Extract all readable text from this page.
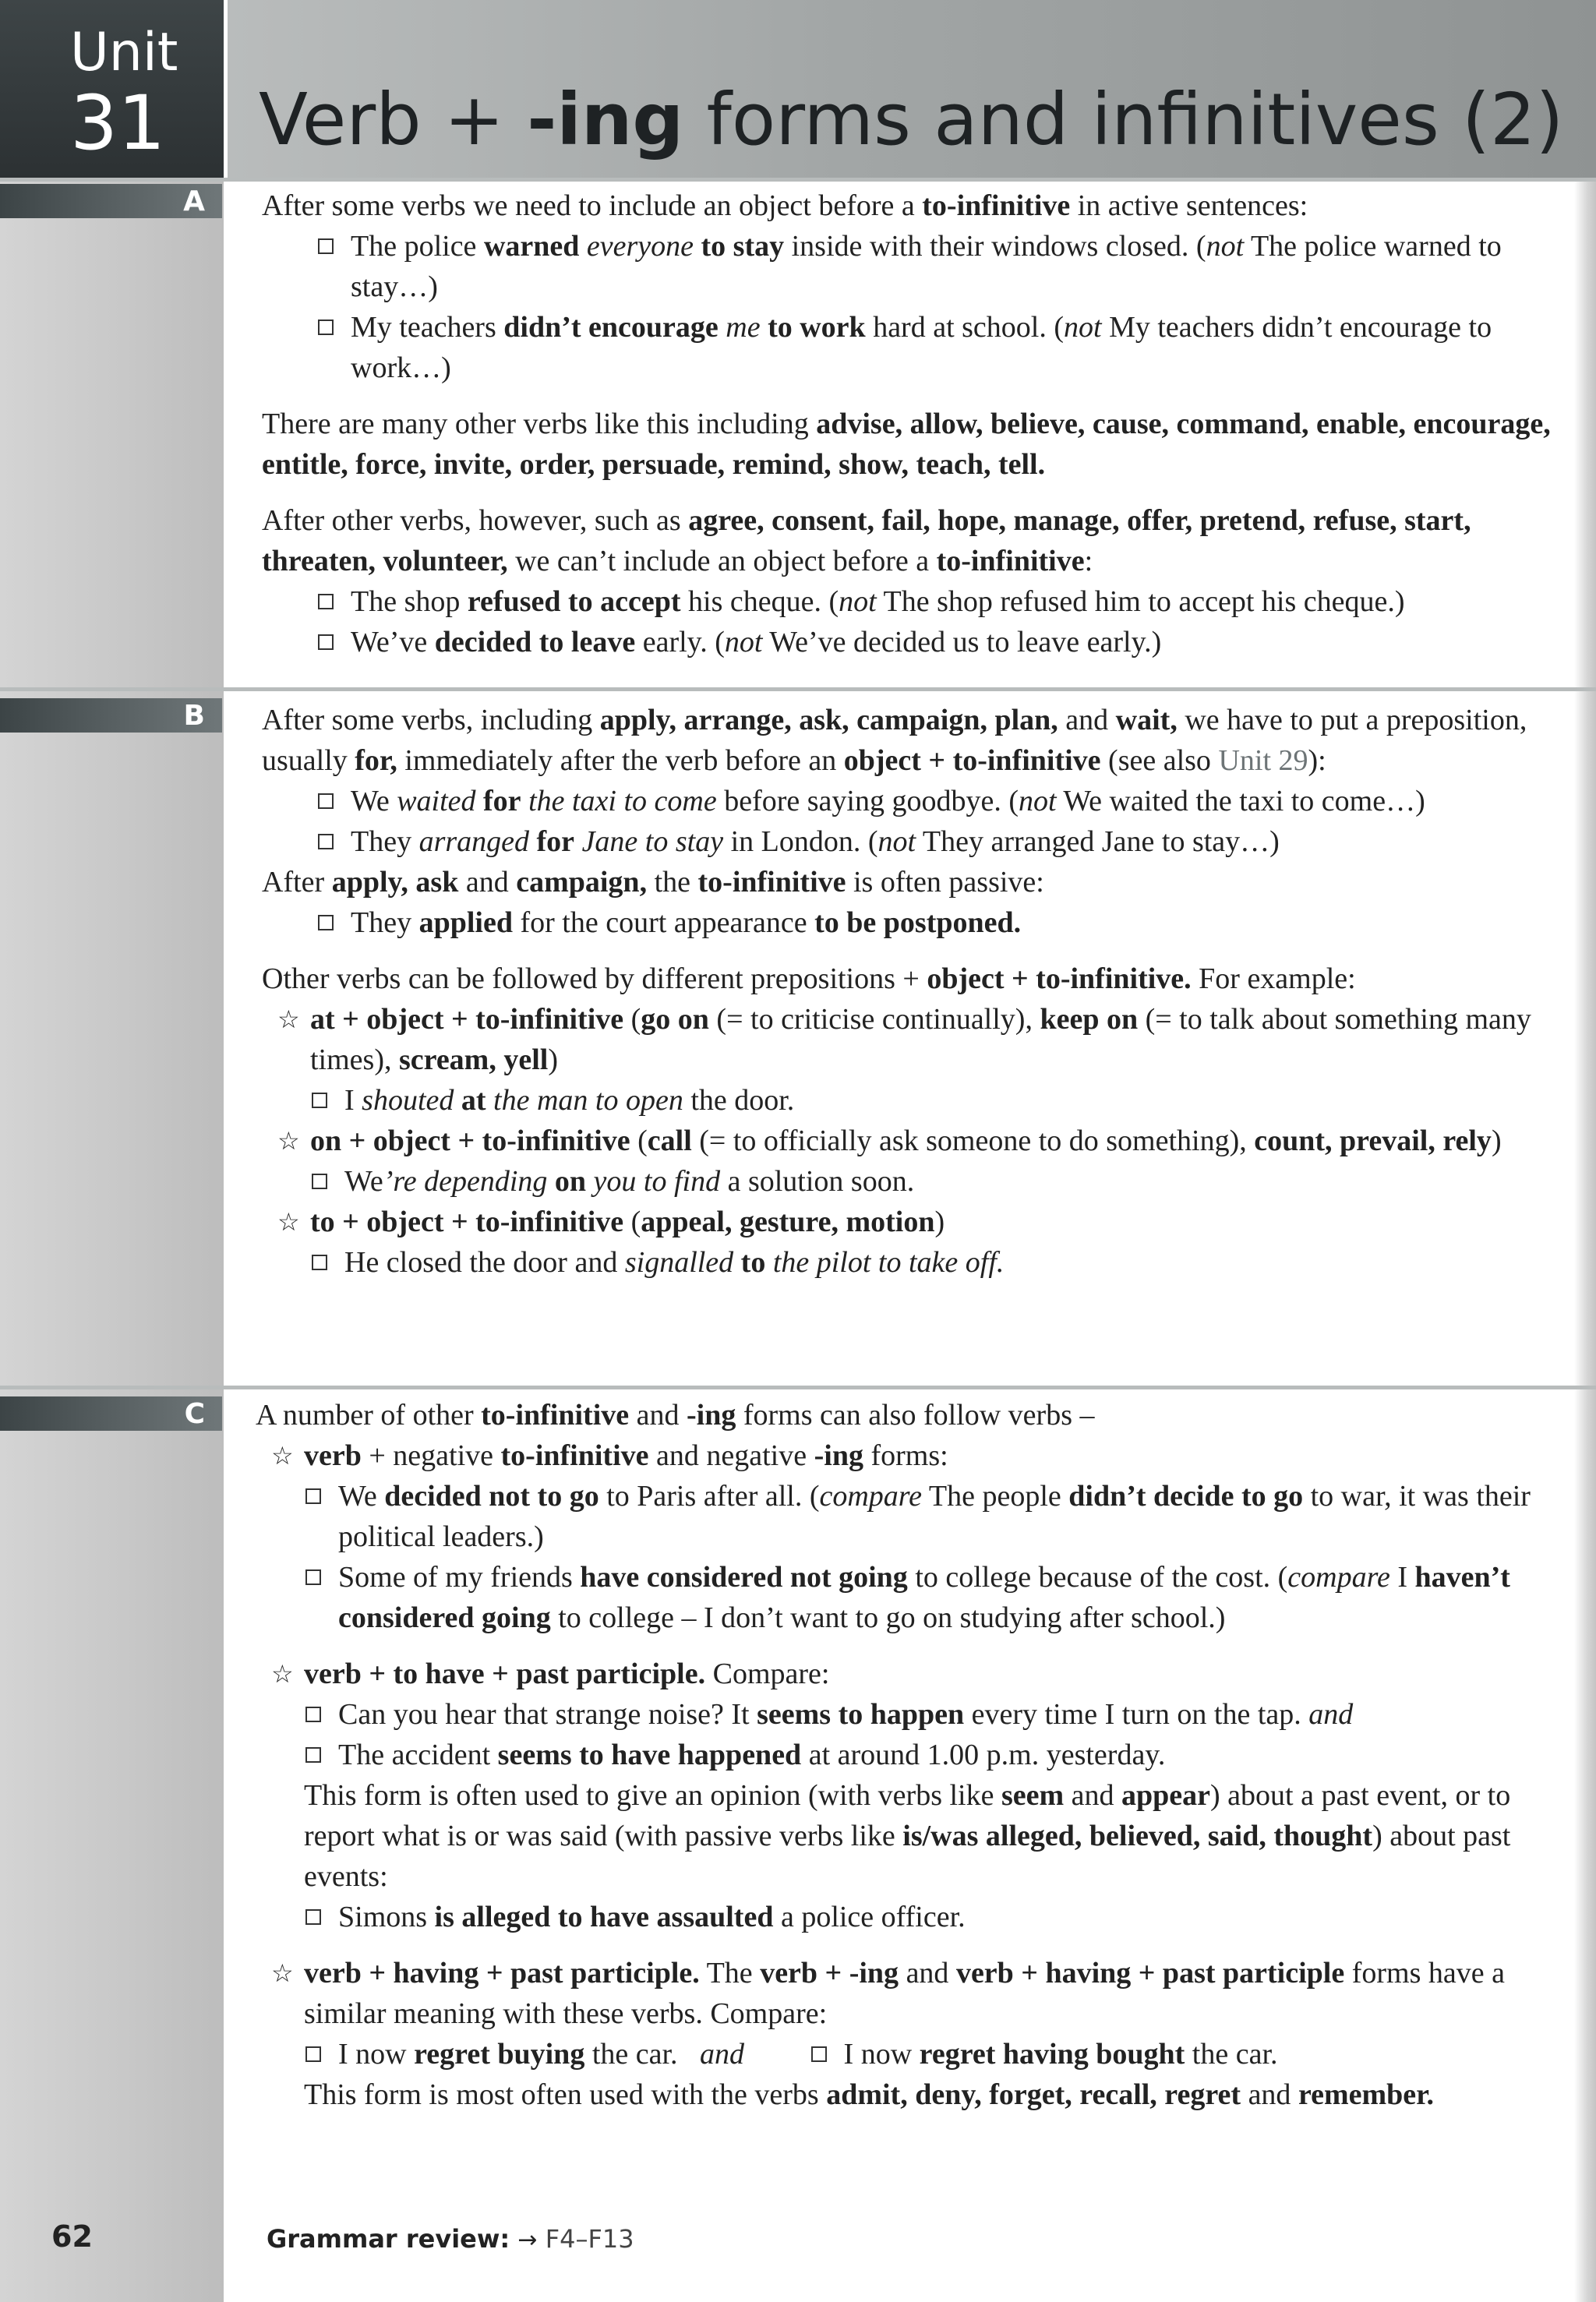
Unit
31 Verb + -ing forms and infinitives (2)
A After some verbs we need to include an object before a to-infinitive in active sentences:

The police warned everyone to stay inside with their windows closed. (not The police warned to stay…)

My teachers didn’t encourage me to work hard at school. (not My teachers didn’t encourage to work…)

There are many other verbs like this including advise, allow, believe, cause, command, enable, encourage, entitle, force, invite, order, persuade, remind, show, teach, tell.

After other verbs, however, such as agree, consent, fail, hope, manage, offer, pretend, refuse, start, threaten, volunteer, we can’t include an object before a to-infinitive:

The shop refused to accept his cheque. (not The shop refused him to accept his cheque.)

We’ve decided to leave early. (not We’ve decided us to leave early.)

B After some verbs, including apply, arrange, ask, campaign, plan, and wait, we have to put a preposition, usually for, immediately after the verb before an object + to-infinitive (see also Unit 29):

We waited for the taxi to come before saying goodbye. (not We waited the taxi to come…)

They arranged for Jane to stay in London. (not They arranged Jane to stay…)

After apply, ask and campaign, the to-infinitive is often passive:

They applied for the court appearance to be postponed.

Other verbs can be followed by different prepositions + object + to-infinitive. For example:

☆ at + object + to-infinitive (go on (= to criticise continually), keep on (= to talk about something many times), scream, yell)

I shouted at the man to open the door.

☆ on + object + to-infinitive (call (= to officially ask someone to do something), count, prevail, rely)

We’re depending on you to find a solution soon.

☆ to + object + to-infinitive (appeal, gesture, motion)

He closed the door and signalled to the pilot to take off.

C A number of other to-infinitive and -ing forms can also follow verbs –

☆ verb + negative to-infinitive and negative -ing forms:

We decided not to go to Paris after all. (compare The people didn’t decide to go to war, it was their political leaders.)

Some of my friends have considered not going to college because of the cost. (compare I haven’t considered going to college – I don’t want to go on studying after school.)

☆ verb + to have + past participle. Compare:

Can you hear that strange noise? It seems to happen every time I turn on the tap. and

The accident seems to have happened at around 1.00 p.m. yesterday.

This form is often used to give an opinion (with verbs like seem and appear) about a past event, or to report what is or was said (with passive verbs like is/was alleged, believed, said, thought) about past events:

Simons is alleged to have assaulted a police officer.

☆ verb + having + past participle. The verb + -ing and verb + having + past participle forms have a similar meaning with these verbs. Compare:

I now regret buying the car.   and	I now regret having bought the car.

This form is most often used with the verbs admit, deny, forget, recall, regret and remember.

62	Grammar review: → F4–F13
